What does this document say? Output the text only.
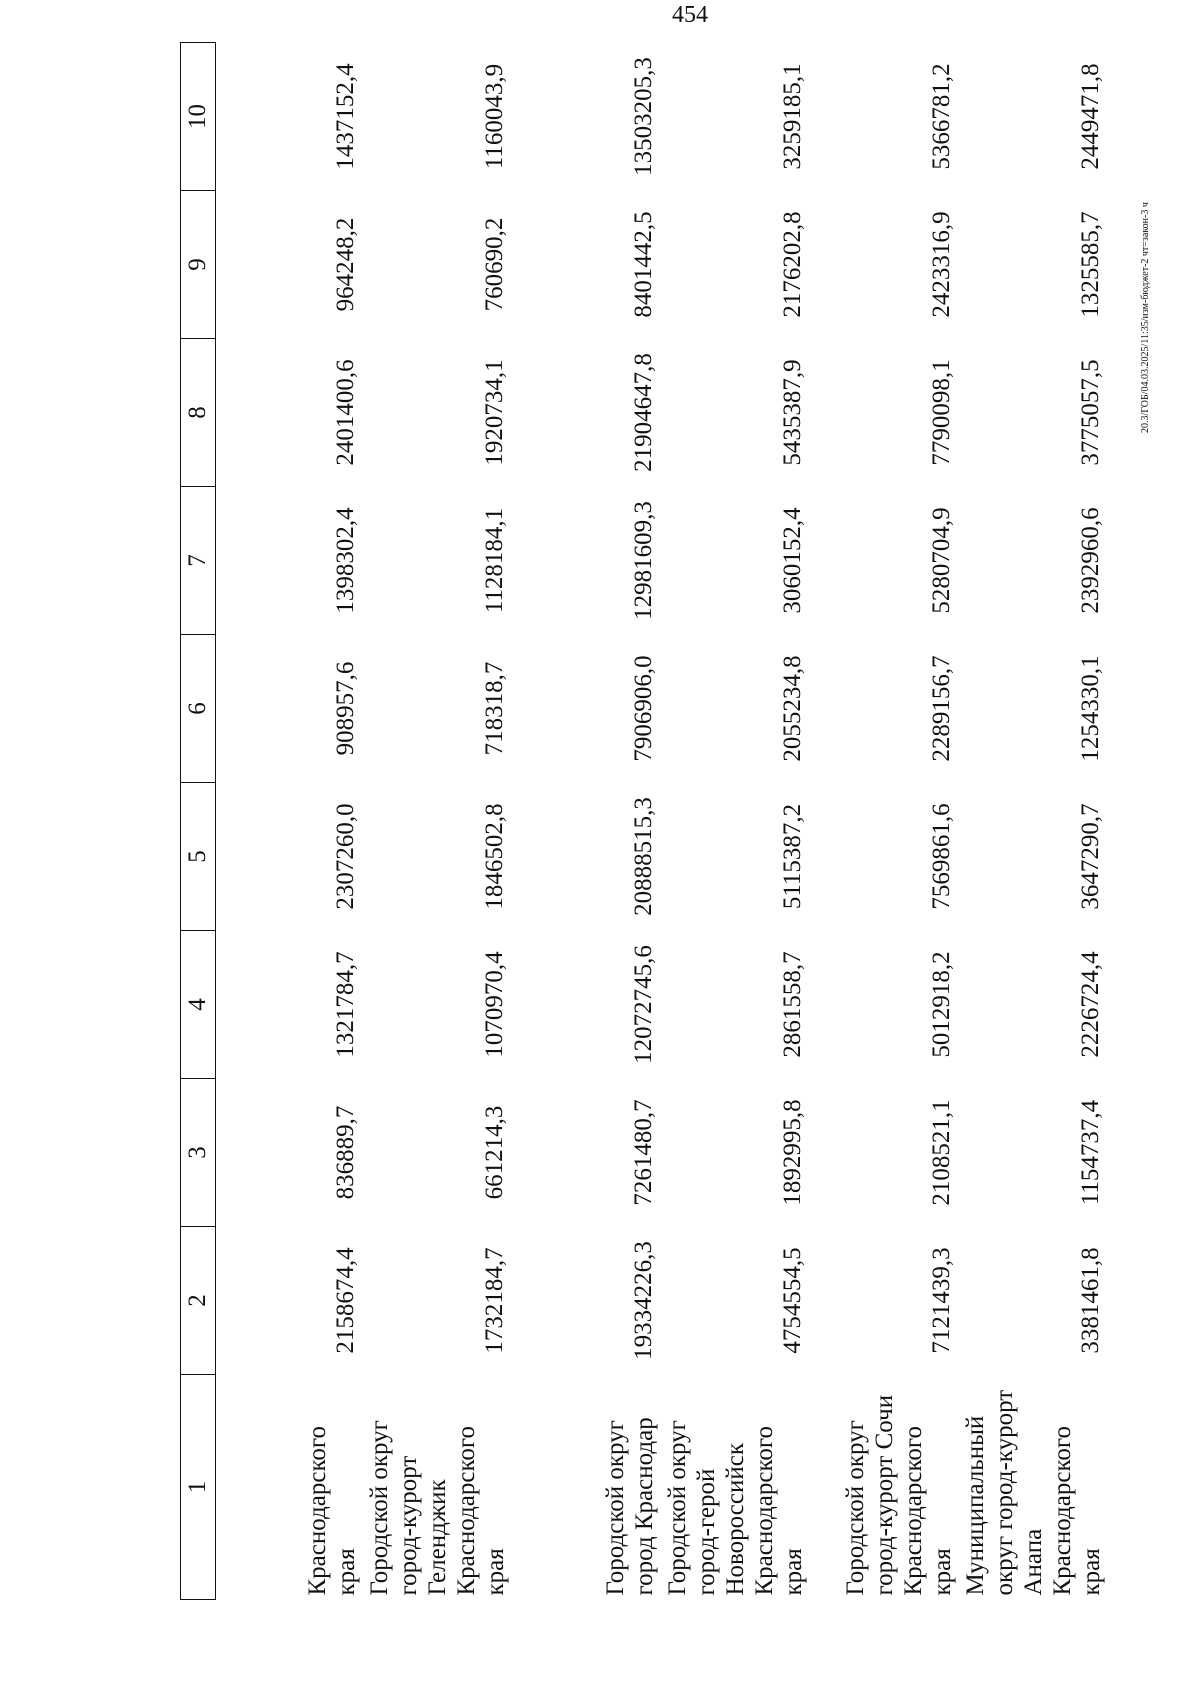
454
20.3/ГОБ/04.03.2025/11:35/изм-бюджет-2 чт=закон-3 ч
1	2	3	4	5	6	7	8	9	10
Краснодарского края	2158674,4	836889,7	1321784,7	2307260,0	908957,6	1398302,4	2401400,6	964248,2	1437152,4
Городской округ город-курорт Геленджик Краснодарского края	1732184,7	661214,3	1070970,4	1846502,8	718318,7	1128184,1	1920734,1	760690,2	1160043,9
Городской округ город Краснодар	19334226,3	7261480,7	12072745,6	20888515,3	7906906,0	12981609,3	21904647,8	8401442,5	13503205,3
Городской округ город-герой Новороссийск Краснодарского края	4754554,5	1892995,8	2861558,7	5115387,2	2055234,8	3060152,4	5435387,9	2176202,8	3259185,1
Городской округ город-курорт Сочи Краснодарского края	7121439,3	2108521,1	5012918,2	7569861,6	2289156,7	5280704,9	7790098,1	2423316,9	5366781,2
Муниципальный округ город-курорт Анапа Краснодарского края	3381461,8	1154737,4	2226724,4	3647290,7	1254330,1	2392960,6	3775057,5	1325585,7	2449471,8
